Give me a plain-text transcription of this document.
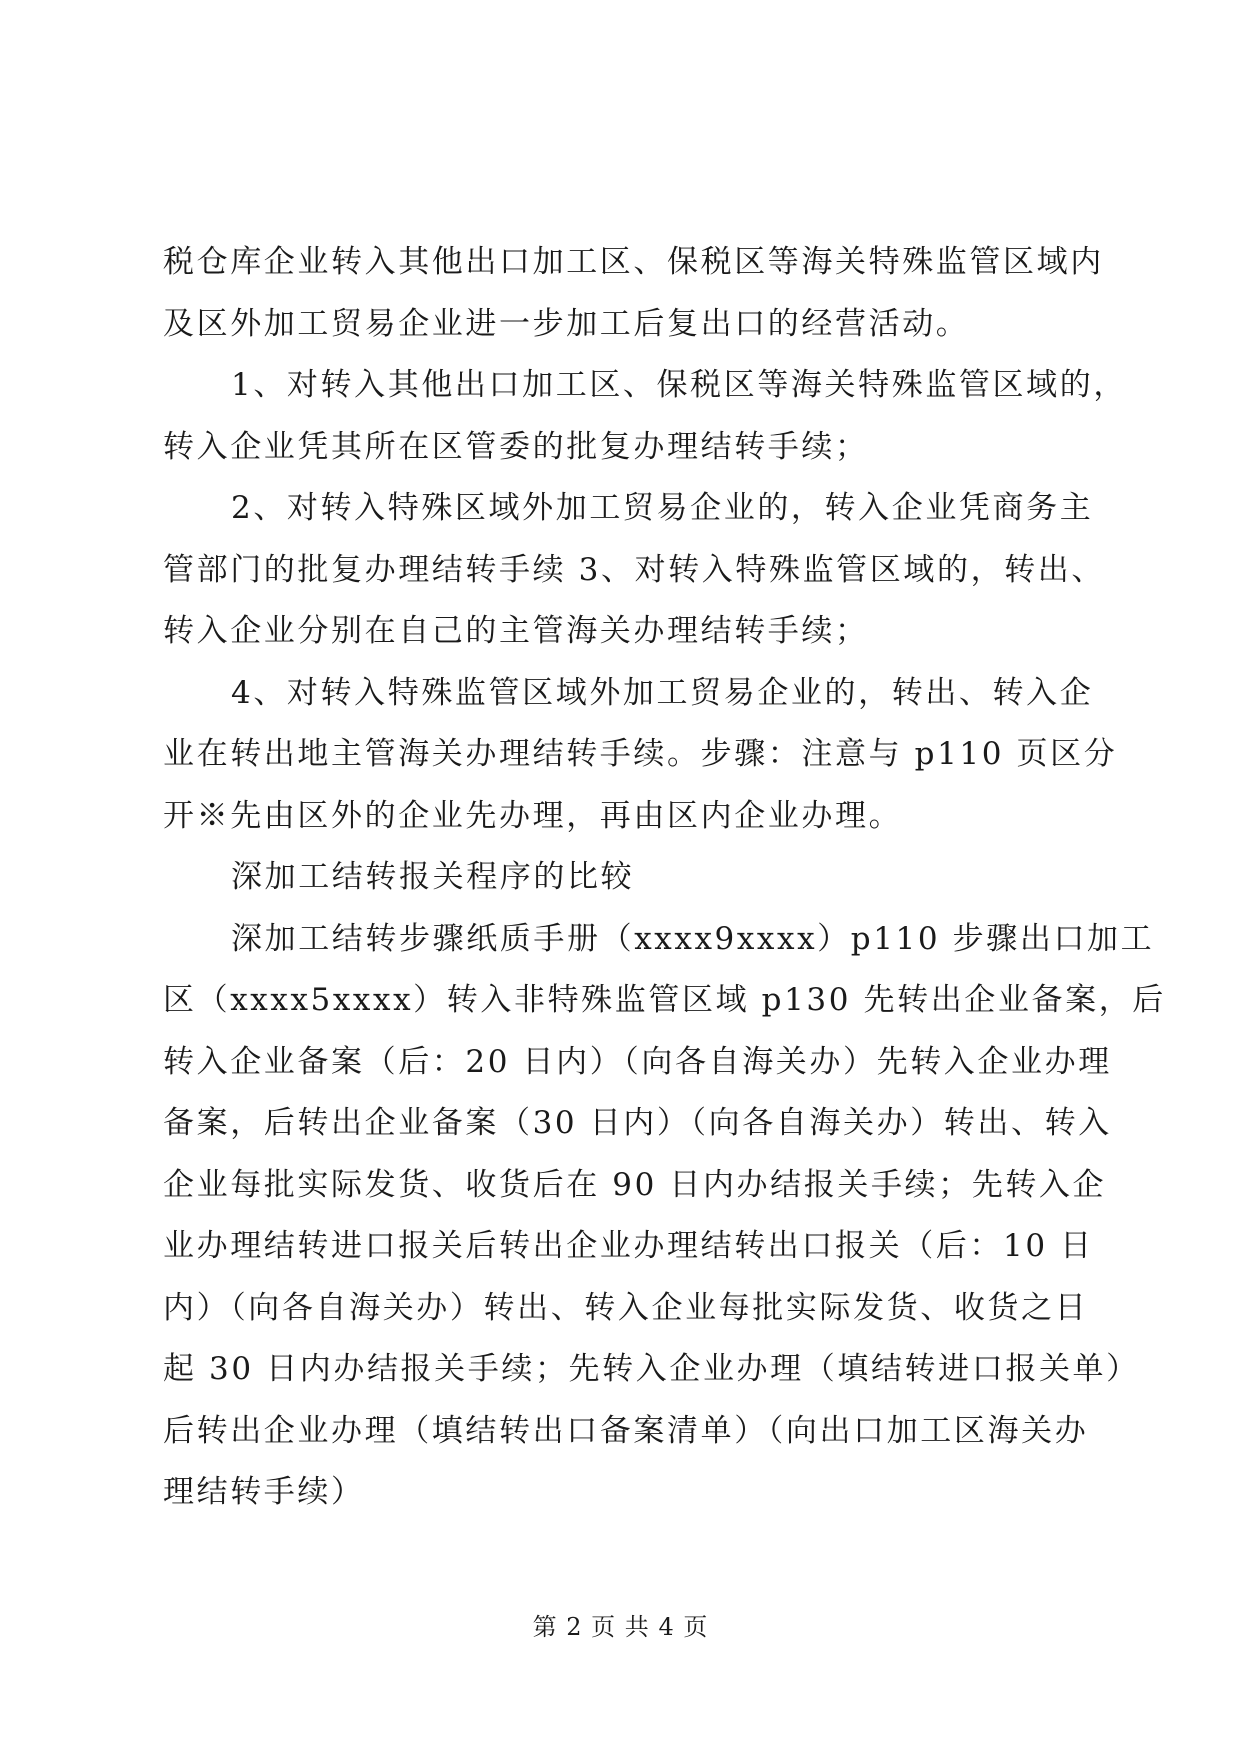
税仓库企业转入其他出口加工区、保税区等海关特殊监管区域内
及区外加工贸易企业进一步加工后复出口的经营活动。
1、对转入其他出口加工区、保税区等海关特殊监管区域的，
转入企业凭其所在区管委的批复办理结转手续；
2、对转入特殊区域外加工贸易企业的，转入企业凭商务主
管部门的批复办理结转手续 3、对转入特殊监管区域的，转出、
转入企业分别在自己的主管海关办理结转手续；
4、对转入特殊监管区域外加工贸易企业的，转出、转入企
业在转出地主管海关办理结转手续。步骤：注意与 p110 页区分
开※先由区外的企业先办理，再由区内企业办理。
深加工结转报关程序的比较
深加工结转步骤纸质手册（xxxx9xxxx）p110 步骤出口加工
区（xxxx5xxxx）转入非特殊监管区域 p130 先转出企业备案，后
转入企业备案（后：20 日内）（向各自海关办）先转入企业办理
备案，后转出企业备案（30 日内）（向各自海关办）转出、转入
企业每批实际发货、收货后在 90 日内办结报关手续；先转入企
业办理结转进口报关后转出企业办理结转出口报关（后：10 日
内）（向各自海关办）转出、转入企业每批实际发货、收货之日
起 30 日内办结报关手续；先转入企业办理（填结转进口报关单）
后转出企业办理（填结转出口备案清单）（向出口加工区海关办
理结转手续）
第 2 页 共 4 页
